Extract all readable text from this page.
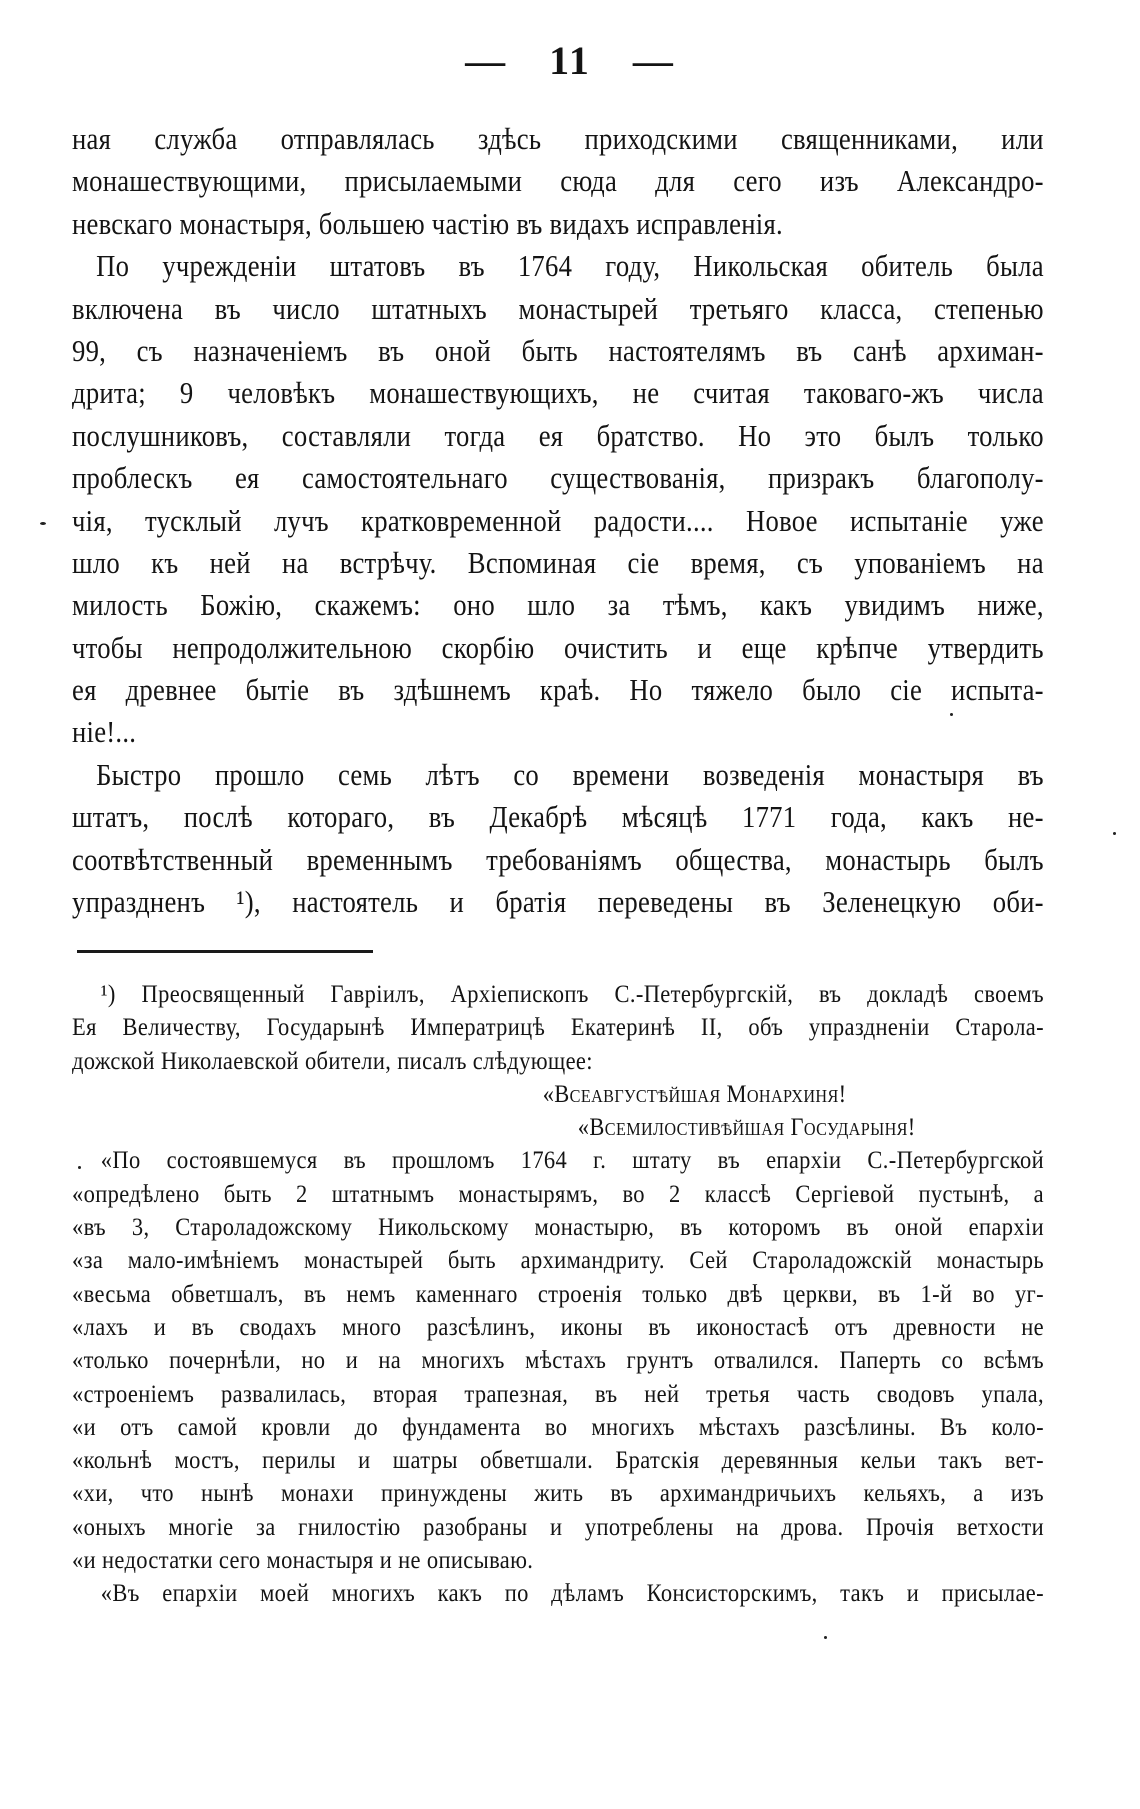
— 11 —
ная служба отправлялась здѣсь приходскими священниками, или
монашествующими, присылаемыми сюда для сего изъ Александро-
невскаго монастыря, большею частію въ видахъ исправленія.
По учрежденіи штатовъ въ 1764 году, Никольская обитель была
включена въ число штатныхъ монастырей третьяго класса, степенью
99, съ назначеніемъ въ оной быть настоятелямъ въ санѣ архиман-
дрита; 9 человѣкъ монашествующихъ, не считая таковаго-жъ числа
послушниковъ, составляли тогда ея братство. Но это былъ только
проблескъ ея самостоятельнаго существованія, призракъ благополу-
чія, тусклый лучъ кратковременной радости.... Новое испытаніе уже
шло къ ней на встрѣчу. Вспоминая сіе время, съ упованіемъ на
милость Божію, скажемъ: оно шло за тѣмъ, какъ увидимъ ниже,
чтобы непродолжительною скорбію очистить и еще крѣпче утвердить
ея древнее бытіе въ здѣшнемъ краѣ. Но тяжело было сіе испыта-
ніе!...
Быстро прошло семь лѣтъ со времени возведенія монастыря въ
штатъ, послѣ котораго, въ Декабрѣ мѣсяцѣ 1771 года, какъ не-
соотвѣтственный временнымъ требованіямъ общества, монастырь былъ
упраздненъ ¹), настоятель и братія переведены въ Зеленецкую оби-
¹) Преосвященный Гавріилъ, Архіепископъ С.-Петербургскій, въ докладѣ своемъ
Ея Величеству, Государынѣ Императрицѣ Екатеринѣ II, объ упраздненіи Старола-
дожской Николаевской обители, писалъ слѣдующее:
«Всеавгустѣйшая Монархиня!
«Всемилостивѣйшая Государыня!
«По состоявшемуся въ прошломъ 1764 г. штату въ епархіи С.-Петербургской
«опредѣлено быть 2 штатнымъ монастырямъ, во 2 классѣ Сергіевой пустынѣ, а
«въ 3, Староладожскому Никольскому монастырю, въ которомъ въ оной епархіи
«за мало-имѣніемъ монастырей быть архимандриту. Сей Староладожскій монастырь
«весьма обветшалъ, въ немъ каменнаго строенія только двѣ церкви, въ 1-й во уг-
«лахъ и въ сводахъ много разсѣлинъ, иконы въ иконостасѣ отъ древности не
«только почернѣли, но и на многихъ мѣстахъ грунтъ отвалился. Паперть со всѣмъ
«строеніемъ развалилась, вторая трапезная, въ ней третья часть сводовъ упала,
«и отъ самой кровли до фундамента во многихъ мѣстахъ разсѣлины. Въ коло-
«кольнѣ мостъ, перилы и шатры обветшали. Братскія деревянныя кельи такъ вет-
«хи, что нынѣ монахи принуждены жить въ архимандричьихъ кельяхъ, а изъ
«оныхъ многіе за гнилостію разобраны и употреблены на дрова. Прочія ветхости
«и недостатки сего монастыря и не описываю.
«Въ епархіи моей многихъ какъ по дѣламъ Консисторскимъ, такъ и присылае-
